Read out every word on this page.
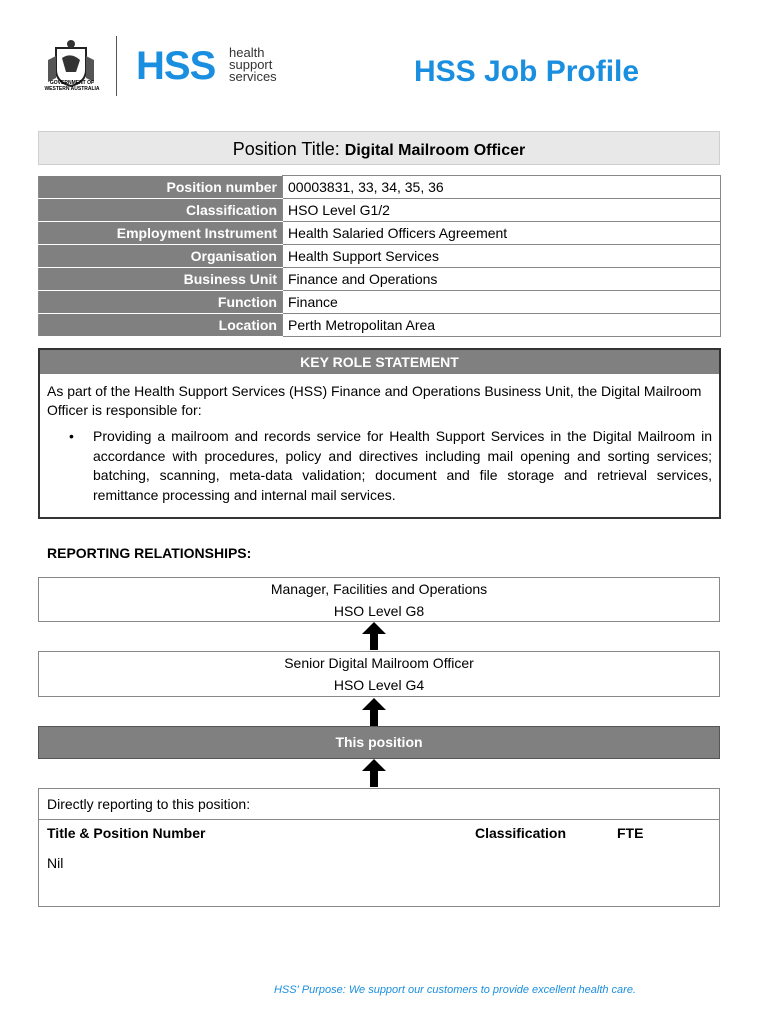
GOVERNMENT OF WESTERN AUSTRALIA
HSS health
support
services	HSS Job Profile
Position Title: Digital Mailroom Officer
Position number	00003831, 33, 34, 35, 36
Classification	HSO Level G1/2
Employment Instrument	Health Salaried Officers Agreement
Organisation	Health Support Services
Business Unit	Finance and Operations
Function	Finance
Location	Perth Metropolitan Area
KEY ROLE STATEMENT
As part of the Health Support Services (HSS) Finance and Operations Business Unit, the Digital Mailroom Officer is responsible for:
• Providing a mailroom and records service for Health Support Services in the Digital Mailroom in accordance with procedures, policy and directives including mail opening and sorting services; batching, scanning, meta-data validation; document and file storage and retrieval services, remittance processing and internal mail services.
REPORTING RELATIONSHIPS:
Manager, Facilities and Operations
HSO Level G8
Senior Digital Mailroom Officer
HSO Level G4
This position
Directly reporting to this position:
Title & Position Number	Classification	FTE
Nil
HSS' Purpose: We support our customers to provide excellent health care.
